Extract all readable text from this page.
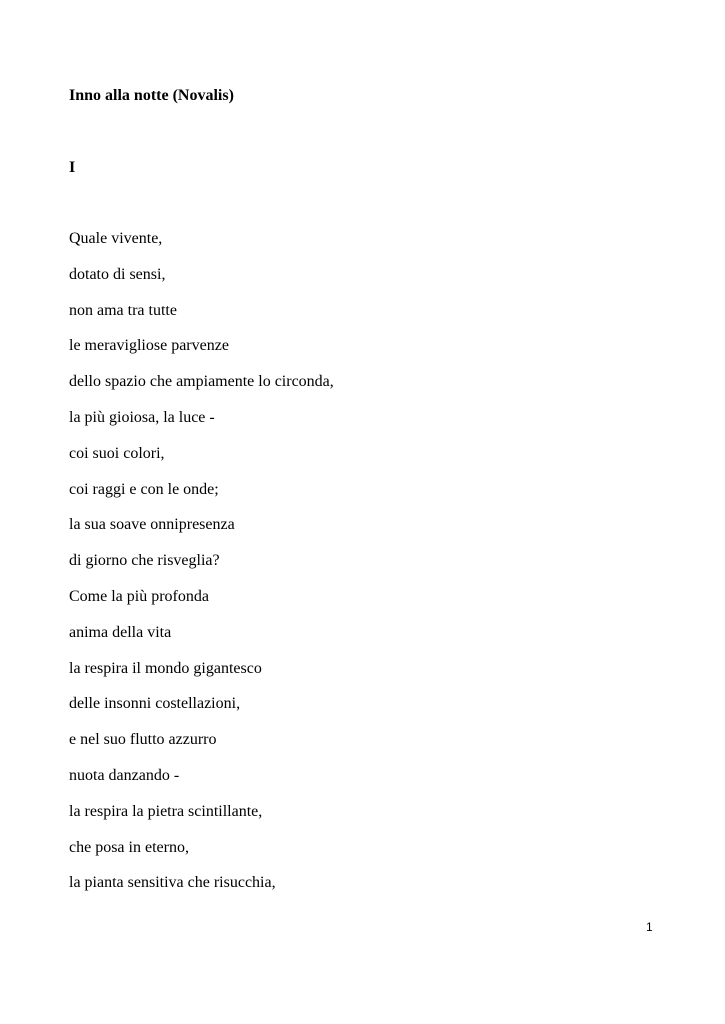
Inno alla notte (Novalis)
I
Quale vivente,
dotato di sensi,
non ama tra tutte
le meravigliose parvenze
dello spazio che ampiamente lo circonda,
la più gioiosa, la luce -
coi suoi colori,
coi raggi e con le onde;
la sua soave onnipresenza
di giorno che risveglia?
Come la più profonda
anima della vita
la respira il mondo gigantesco
delle insonni costellazioni,
e nel suo flutto azzurro
nuota danzando -
la respira la pietra scintillante,
che posa in eterno,
la pianta sensitiva che risucchia,
1
